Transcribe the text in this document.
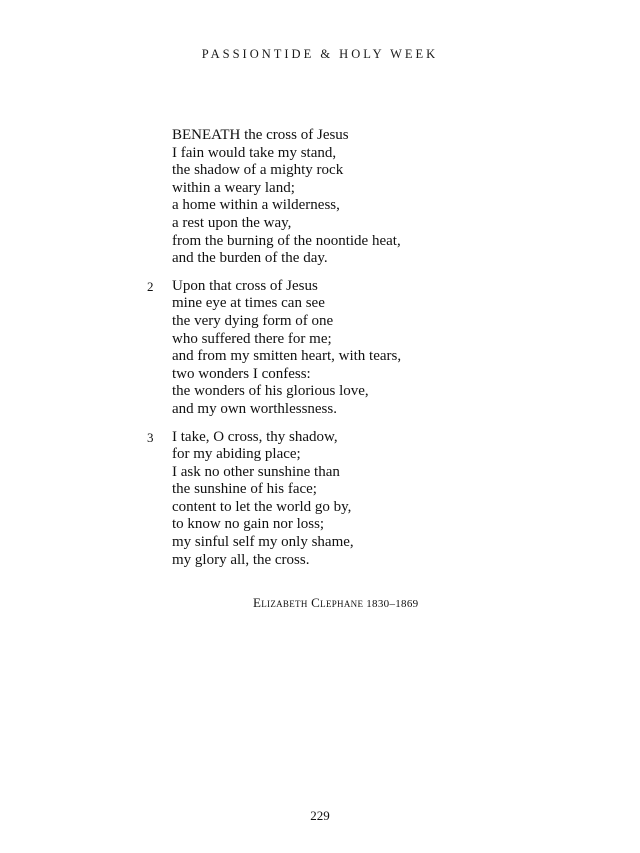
PASSIONTIDE & HOLY WEEK
BENEATH the cross of Jesus
I fain would take my stand,
the shadow of a mighty rock
within a weary land;
a home within a wilderness,
a rest upon the way,
from the burning of the noontide heat,
and the burden of the day.
2 Upon that cross of Jesus
mine eye at times can see
the very dying form of one
who suffered there for me;
and from my smitten heart, with tears,
two wonders I confess:
the wonders of his glorious love,
and my own worthlessness.
3 I take, O cross, thy shadow,
for my abiding place;
I ask no other sunshine than
the sunshine of his face;
content to let the world go by,
to know no gain nor loss;
my sinful self my only shame,
my glory all, the cross.
Elizabeth Clephane 1830–1869
229
